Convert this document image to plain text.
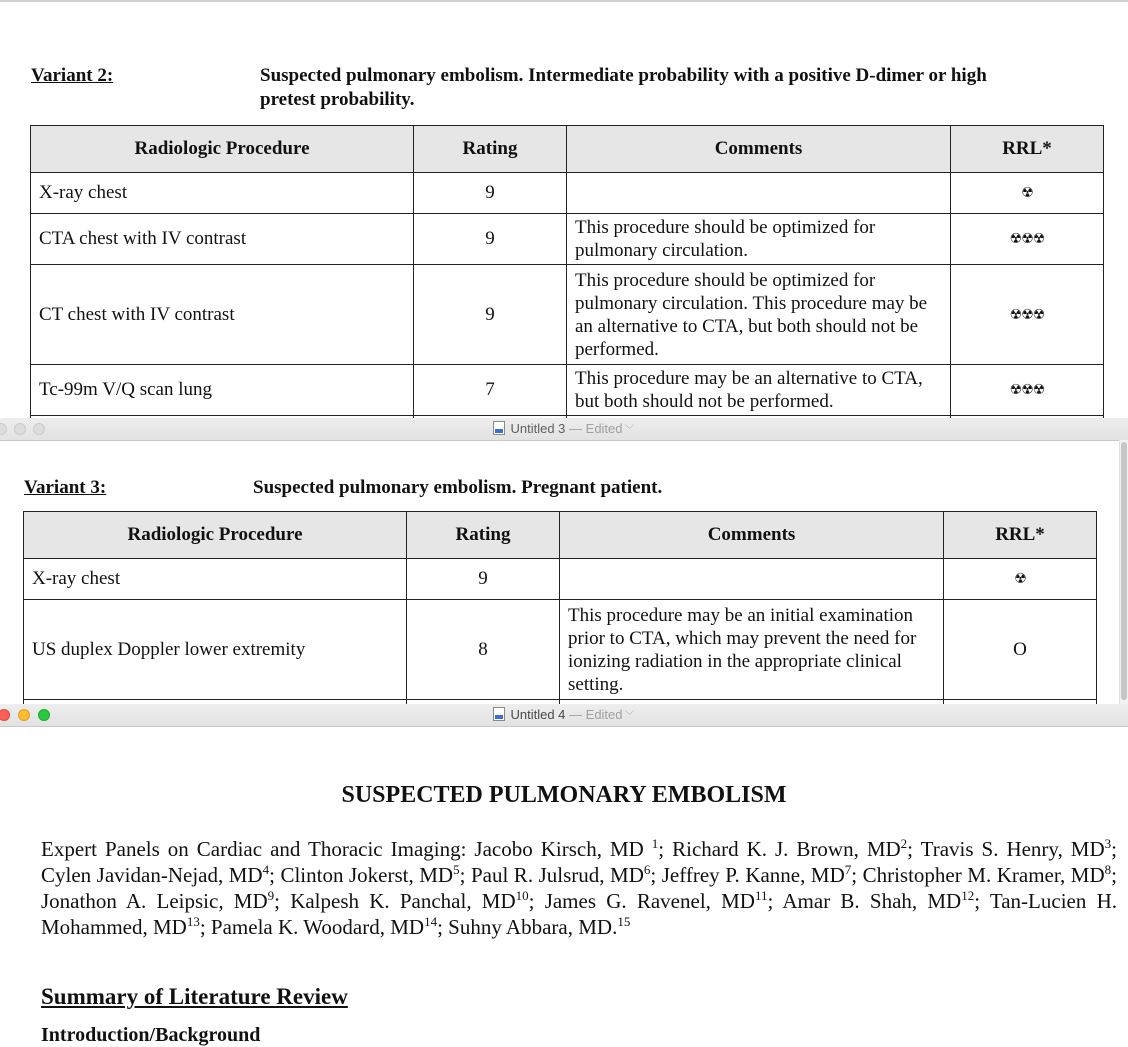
Variant 2:	Suspected pulmonary embolism. Intermediate probability with a positive D-dimer or high
pretest probability.
Radiologic Procedure	Rating	Comments	RRL*
X-ray chest	9		☢
CTA chest with IV contrast	9	This procedure should be optimized for pulmonary circulation.	☢☢☢
CT chest with IV contrast	9	This procedure should be optimized for pulmonary circulation. This procedure may be an alternative to CTA, but both should not be performed.	☢☢☢
Tc-99m V/Q scan lung	7	This procedure may be an alternative to CTA, but both should not be performed.	☢☢☢

Untitled 3 — Edited ﹀
Variant 3:	Suspected pulmonary embolism. Pregnant patient.
Radiologic Procedure	Rating	Comments	RRL*
X-ray chest	9		☢
US duplex Doppler lower extremity	8	This procedure may be an initial examination prior to CTA, which may prevent the need for ionizing radiation in the appropriate clinical setting.	O

Untitled 4 — Edited ﹀
SUSPECTED PULMONARY EMBOLISM
Expert Panels on Cardiac and Thoracic Imaging: Jacobo Kirsch, MD $^1$; Richard K. J. Brown, $MD^2$; Travis S. Henry, $MD^3$; Cylen Javidan-Nejad, $MD^4$; Clinton Jokerst, $MD^5$; Paul R. Julsrud, $MD^6$; Jeffrey P. Kanne, $MD^7$; Christopher M. Kramer, $MD^8$; Jonathon A. Leipsic, $MD^9$; Kalpesh K. Panchal, MD$^{10}$; James G. Ravenel, MD$^{11}$; Amar B. Shah, MD$^{12}$; Tan-Lucien H. Mohammed, MD$^{13}$; Pamela K. Woodard, MD$^{14}$; Suhny Abbara, MD.$^{15}$
Summary of Literature Review
Introduction/Background
